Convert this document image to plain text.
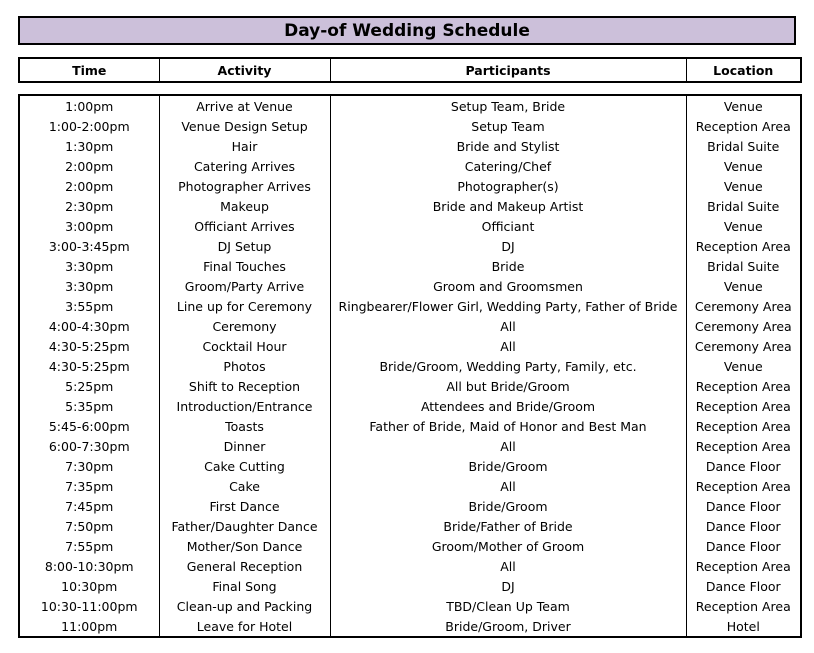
Day-of Wedding Schedule
Time	Activity	Participants	Location
1:00pm	Arrive at Venue	Setup Team, Bride	Venue
1:00-2:00pm	Venue Design Setup	Setup Team	Reception Area
1:30pm	Hair	Bride and Stylist	Bridal Suite
2:00pm	Catering Arrives	Catering/Chef	Venue
2:00pm	Photographer Arrives	Photographer(s)	Venue
2:30pm	Makeup	Bride and Makeup Artist	Bridal Suite
3:00pm	Officiant Arrives	Officiant	Venue
3:00-3:45pm	DJ Setup	DJ	Reception Area
3:30pm	Final Touches	Bride	Bridal Suite
3:30pm	Groom/Party Arrive	Groom and Groomsmen	Venue
3:55pm	Line up for Ceremony	Ringbearer/Flower Girl, Wedding Party, Father of Bride	Ceremony Area
4:00-4:30pm	Ceremony	All	Ceremony Area
4:30-5:25pm	Cocktail Hour	All	Ceremony Area
4:30-5:25pm	Photos	Bride/Groom, Wedding Party, Family, etc.	Venue
5:25pm	Shift to Reception	All but Bride/Groom	Reception Area
5:35pm	Introduction/Entrance	Attendees and Bride/Groom	Reception Area
5:45-6:00pm	Toasts	Father of Bride, Maid of Honor and Best Man	Reception Area
6:00-7:30pm	Dinner	All	Reception Area
7:30pm	Cake Cutting	Bride/Groom	Dance Floor
7:35pm	Cake	All	Reception Area
7:45pm	First Dance	Bride/Groom	Dance Floor
7:50pm	Father/Daughter Dance	Bride/Father of Bride	Dance Floor
7:55pm	Mother/Son Dance	Groom/Mother of Groom	Dance Floor
8:00-10:30pm	General Reception	All	Reception Area
10:30pm	Final Song	DJ	Dance Floor
10:30-11:00pm	Clean-up and Packing	TBD/Clean Up Team	Reception Area
11:00pm	Leave for Hotel	Bride/Groom, Driver	Hotel
